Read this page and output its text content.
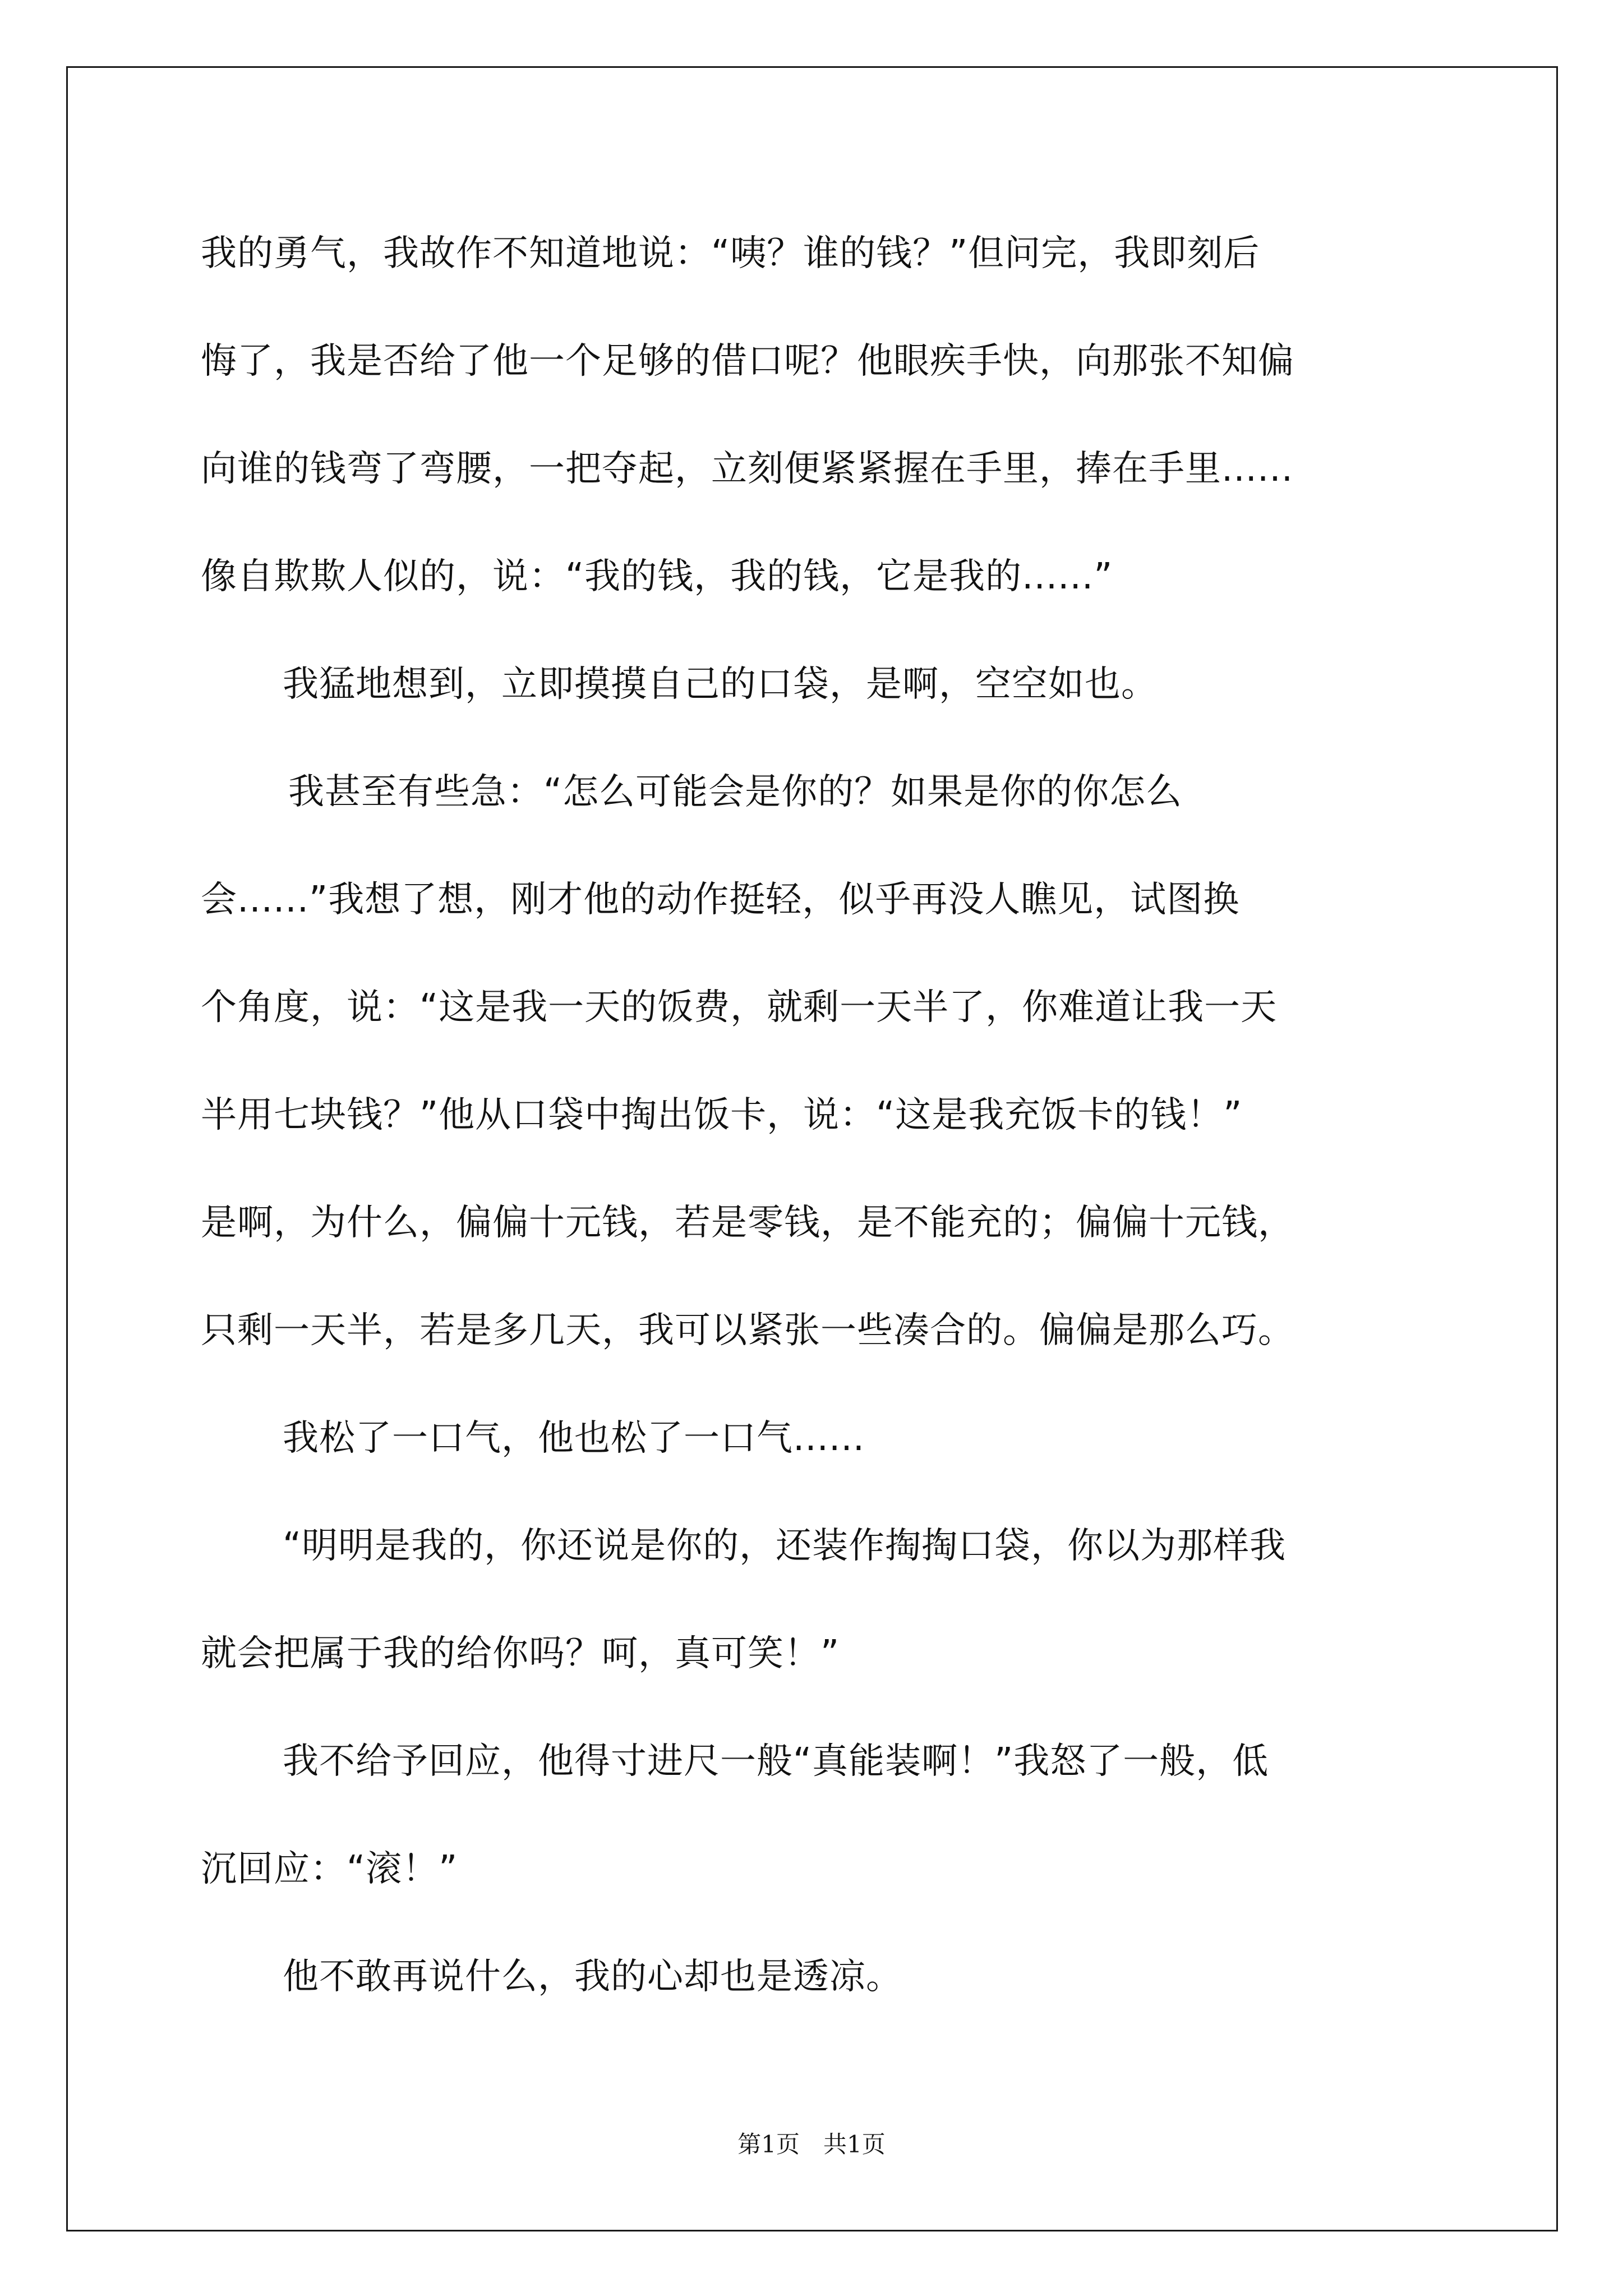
我的勇气，我故作不知道地说：“咦？谁的钱？”但问完，我即刻后
悔了，我是否给了他一个足够的借口呢？他眼疾手快，向那张不知偏
向谁的钱弯了弯腰，一把夺起，立刻便紧紧握在手里，捧在手里......
像自欺欺人似的，说：“我的钱，我的钱，它是我的......”
我猛地想到，立即摸摸自己的口袋，是啊，空空如也。
我甚至有些急：“怎么可能会是你的？如果是你的你怎么
会......”我想了想，刚才他的动作挺轻，似乎再没人瞧见，试图换
个角度，说：“这是我一天的饭费，就剩一天半了，你难道让我一天
半用七块钱？”他从口袋中掏出饭卡，说：“这是我充饭卡的钱！”
是啊，为什么，偏偏十元钱，若是零钱，是不能充的；偏偏十元钱，
只剩一天半，若是多几天，我可以紧张一些凑合的。偏偏是那么巧。
我松了一口气，他也松了一口气......
“明明是我的，你还说是你的，还装作掏掏口袋，你以为那样我
就会把属于我的给你吗？呵，真可笑！”
我不给予回应，他得寸进尺一般“真能装啊！”我怒了一般，低
沉回应：“滚！”
他不敢再说什么，我的心却也是透凉。
第1页　共1页
